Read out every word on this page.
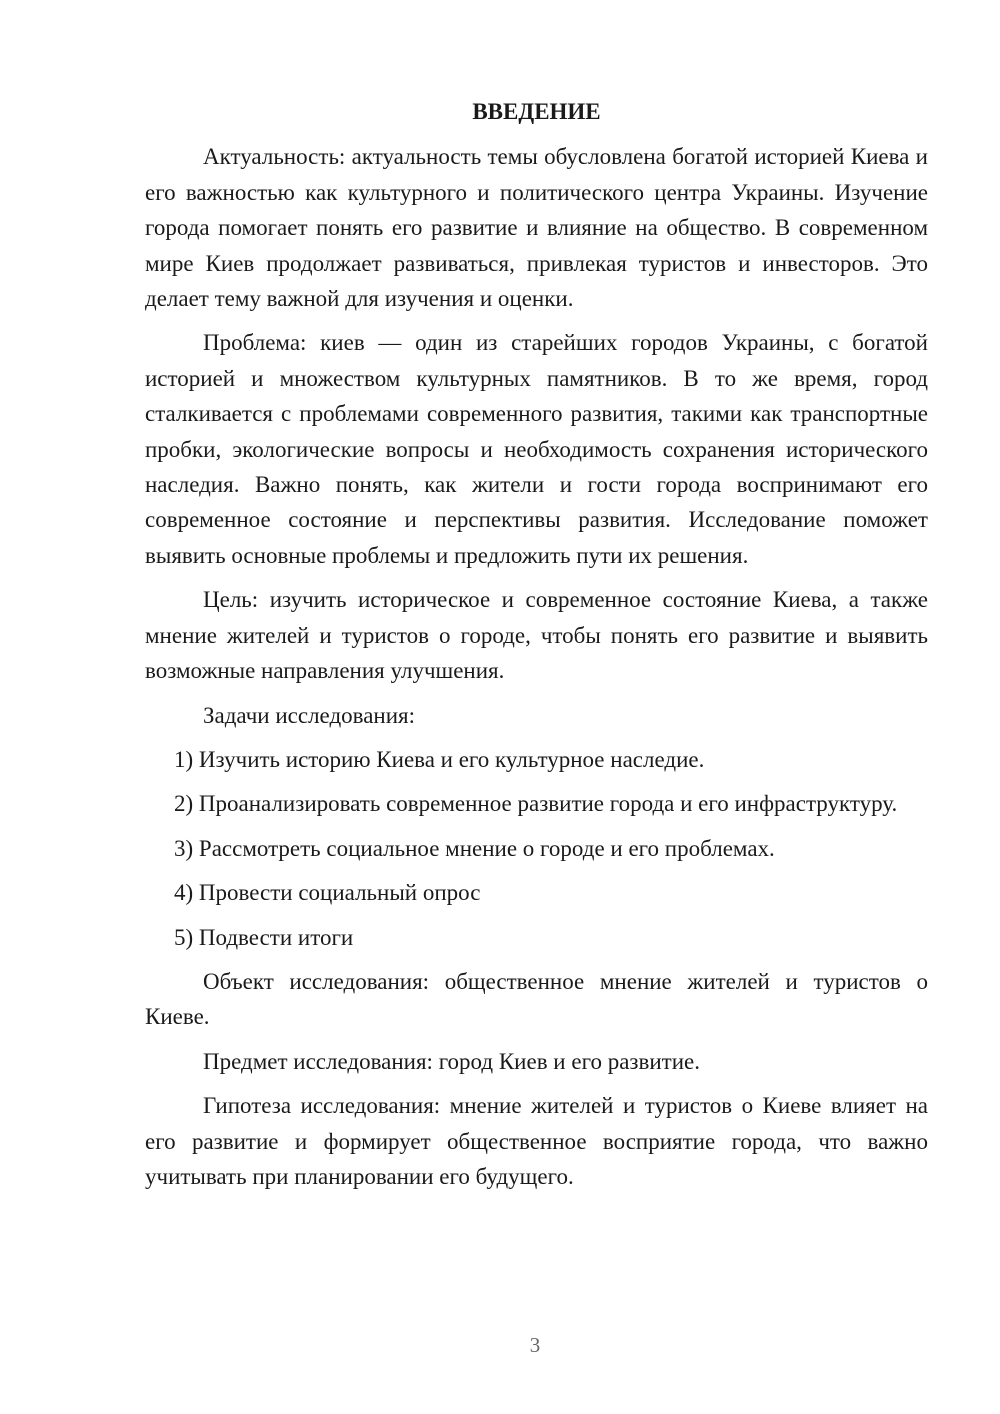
ВВЕДЕНИЕ

Актуальность: актуальность темы обусловлена богатой историей Киева и его важностью как культурного и политического центра Украины. Изучение города помогает понять его развитие и влияние на общество. В современном мире Киев продолжает развиваться, привлекая туристов и инвесторов. Это делает тему важной для изучения и оценки.

Проблема: киев — один из старейших городов Украины, с богатой историей и множеством культурных памятников. В то же время, город сталкивается с проблемами современного развития, такими как транспортные пробки, экологические вопросы и необходимость сохранения исторического наследия. Важно понять, как жители и гости города воспринимают его современное состояние и перспективы развития. Исследование поможет выявить основные проблемы и предложить пути их решения.

Цель: изучить историческое и современное состояние Киева, а также мнение жителей и туристов о городе, чтобы понять его развитие и выявить возможные направления улучшения.

Задачи исследования:

1) Изучить историю Киева и его культурное наследие.

2) Проанализировать современное развитие города и его инфраструктуру.

3) Рассмотреть социальное мнение о городе и его проблемах.

4) Провести социальный опрос

5) Подвести итоги

Объект исследования: общественное мнение жителей и туристов о Киеве.

Предмет исследования: город Киев и его развитие.

Гипотеза исследования: мнение жителей и туристов о Киеве влияет на его развитие и формирует общественное восприятие города, что важно учитывать при планировании его будущего.

3
